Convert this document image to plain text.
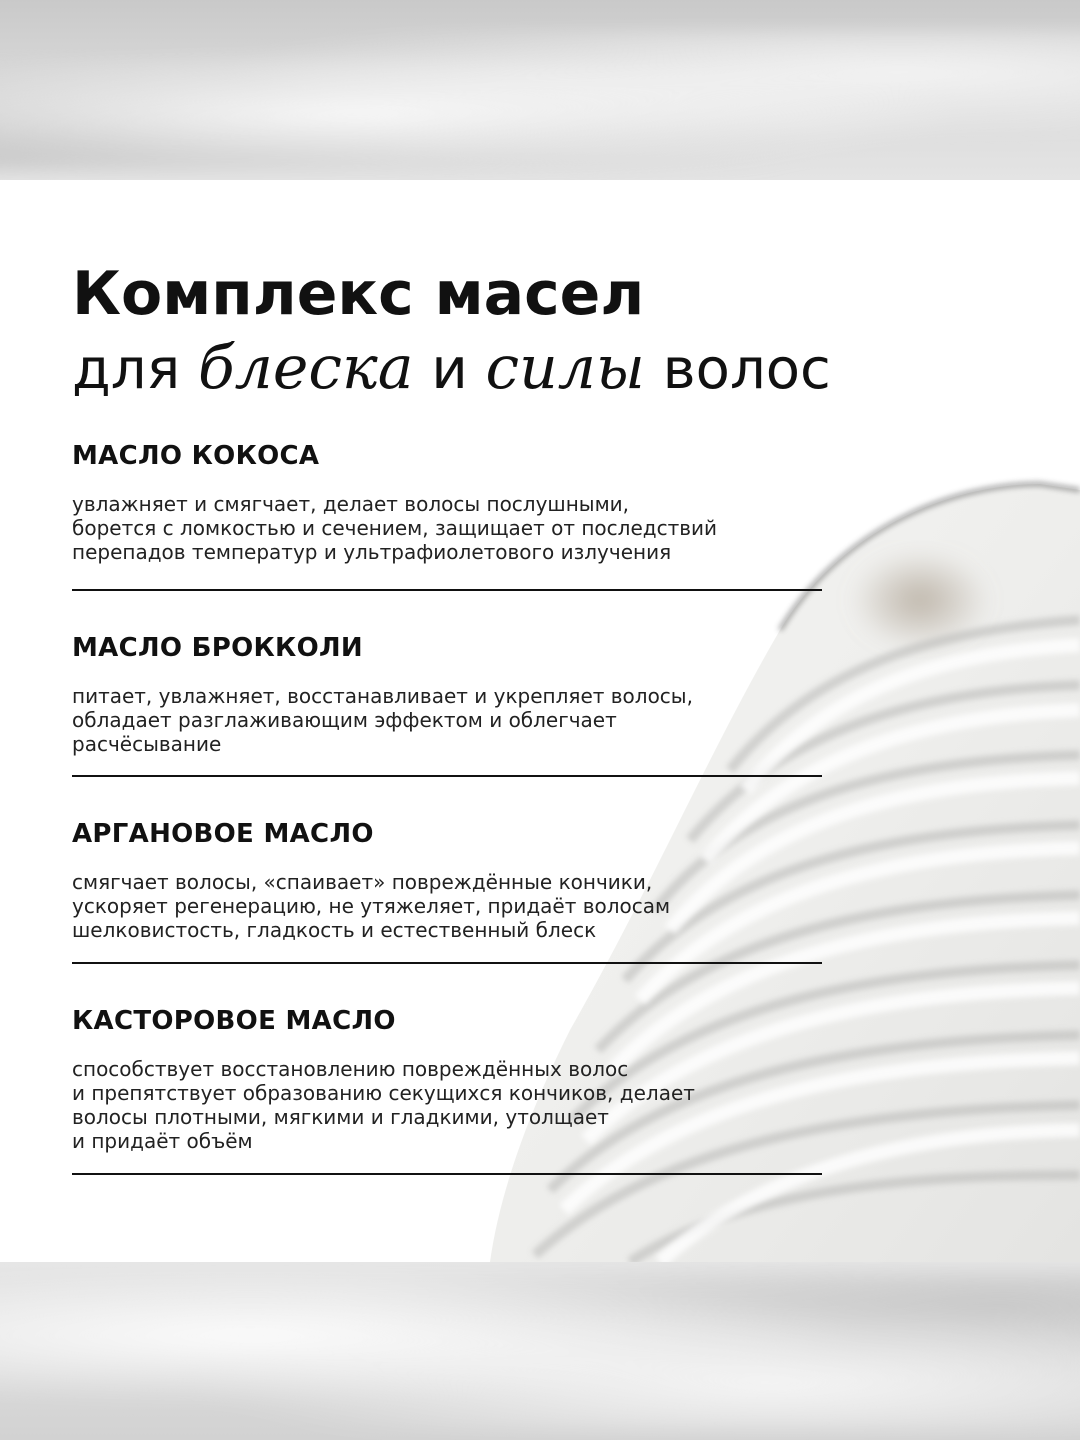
Комплекс масел
для блеска и силы волос
МАСЛО КОКОСА

увлажняет и смягчает, делает волосы послушными,
борется с ломкостью и сечением, защищает от последствий
перепадов температур и ультрафиолетового излучения

МАСЛО БРОККОЛИ

питает, увлажняет, восстанавливает и укрепляет волосы,
обладает разглаживающим эффектом и облегчает
расчёсывание

АРГАНОВОЕ МАСЛО

смягчает волосы, «спаивает» повреждённые кончики,
ускоряет регенерацию, не утяжеляет, придаёт волосам
шелковистость, гладкость и естественный блеск

КАСТОРОВОЕ МАСЛО

способствует восстановлению повреждённых волос
и препятствует образованию секущихся кончиков, делает
волосы плотными, мягкими и гладкими, утолщает
и придаёт объём
